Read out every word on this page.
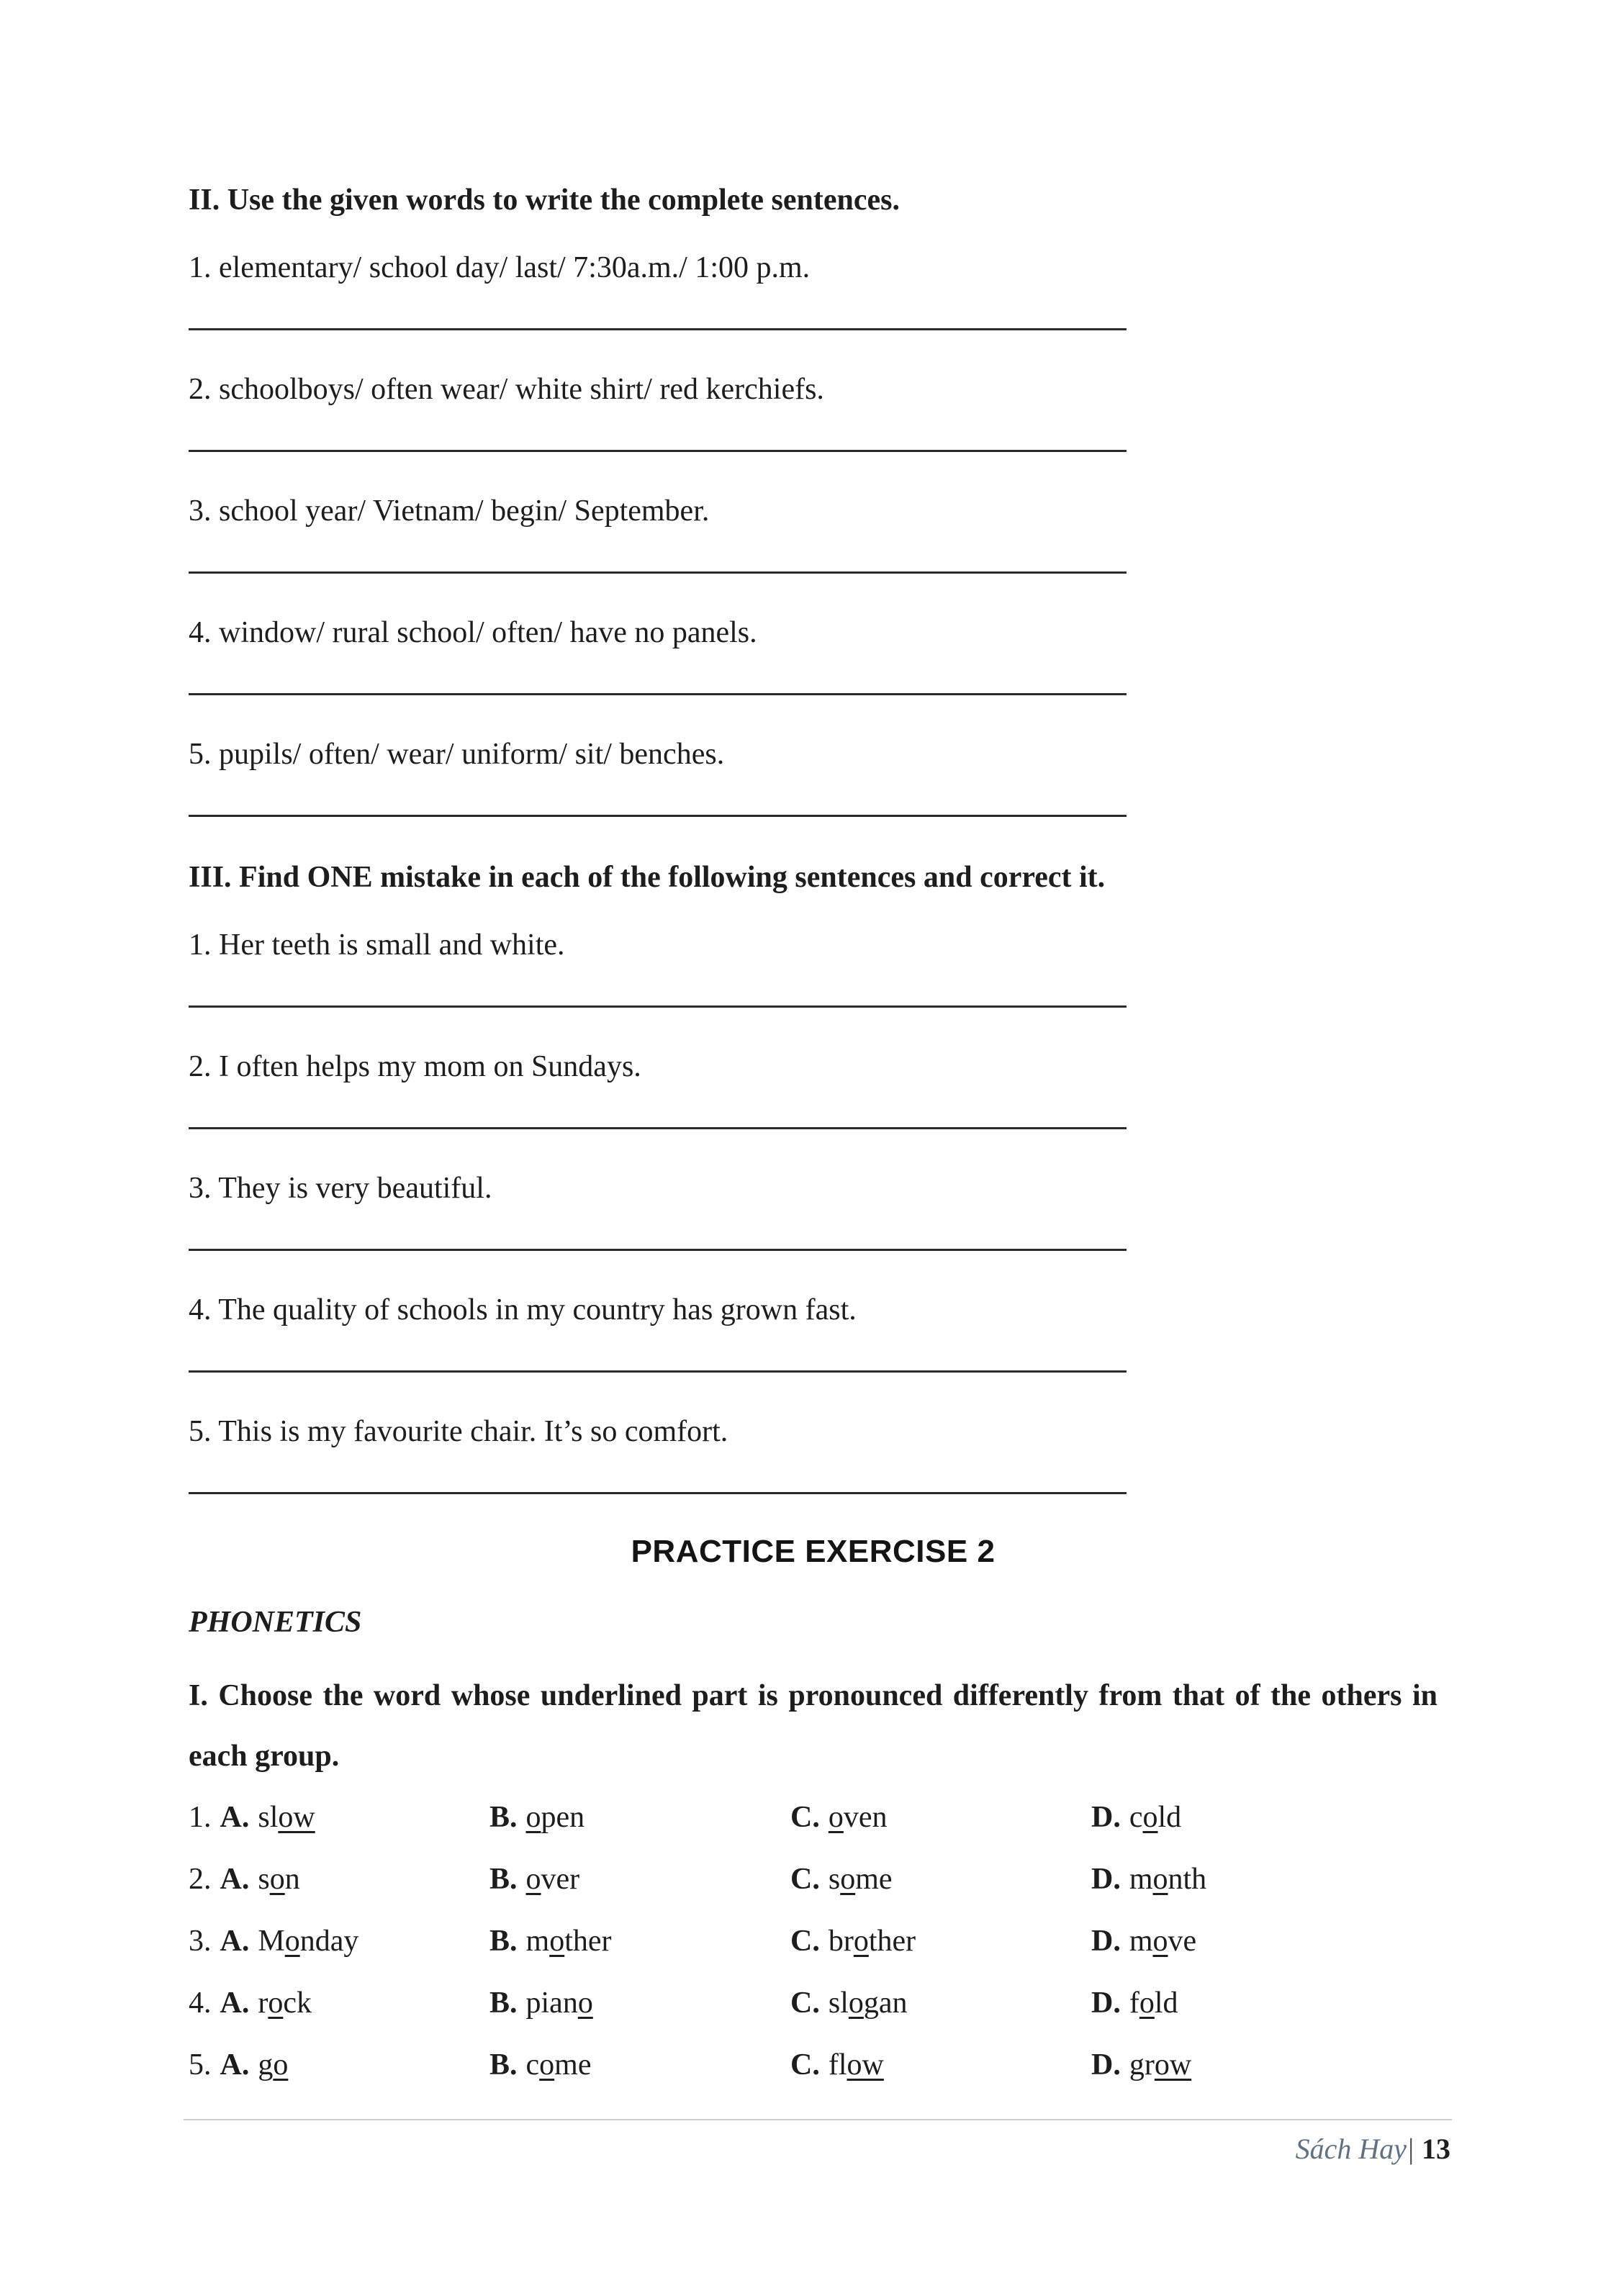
II. Use the given words to write the complete sentences.
1. elementary/ school day/ last/ 7:30a.m./ 1:00 p.m.
2. schoolboys/ often wear/ white shirt/ red kerchiefs.
3. school year/ Vietnam/ begin/ September.
4. window/ rural school/ often/ have no panels.
5. pupils/ often/ wear/ uniform/ sit/ benches.
III. Find ONE mistake in each of the following sentences and correct it.
1. Her teeth is small and white.
2. I often helps my mom on Sundays.
3. They is very beautiful.
4. The quality of schools in my country has grown fast.
5. This is my favourite chair. It’s so comfort.
PRACTICE EXERCISE 2
PHONETICS

I. Choose the word whose underlined part is pronounced differently from that of the others in each group.

1. A. slow	B. open	C. oven	D. cold
2. A. son	B. over	C. some	D. month
3. A. Monday	B. mother	C. brother	D. move
4. A. rock	B. piano	C. slogan	D. fold
5. A. go	B. come	C. flow	D. grow
Sách Hay| 13
